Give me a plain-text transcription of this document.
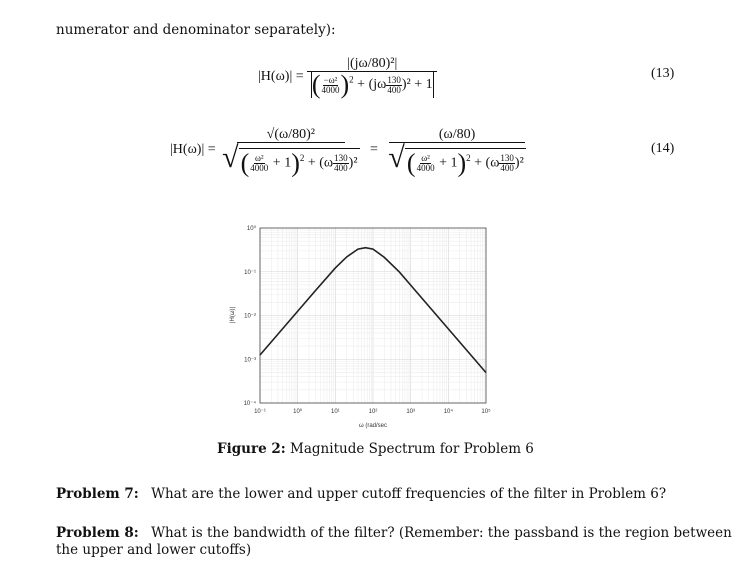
numerator and denominator separately):
$|H(\omega)| = \frac{\text{|(jω/80)²|}}{( \frac{\text{−ω²}}{4000} )^2 + (j\omega \frac{130}{400} )^2 + 1}$	(13)
$|H(\omega)| = \frac{\text{√(ω/80)²}}{√ ( \frac{\text{ω²}}{4000} + 1)^2 + (\omega \frac{130}{400} )^2} = \frac{(\omega/80)}{√ ( \frac{\text{ω²}}{4000} + 1)^2 + (\omega \frac{130}{400} )^2}$	(14)
10⁻¹	10⁰	10¹	10²	10³	10⁴	10⁵
10⁰
10⁻¹
10⁻²
10⁻³
10⁻⁴
ω (rad/sec
|H(ω)|
Figure 2: Magnitude Spectrum for Problem 6
Problem 7: What are the lower and upper cutoff frequencies of the filter in Problem 6?
Problem 8: What is the bandwidth of the filter? (Remember: the passband is the region between
the upper and lower cutoffs)
